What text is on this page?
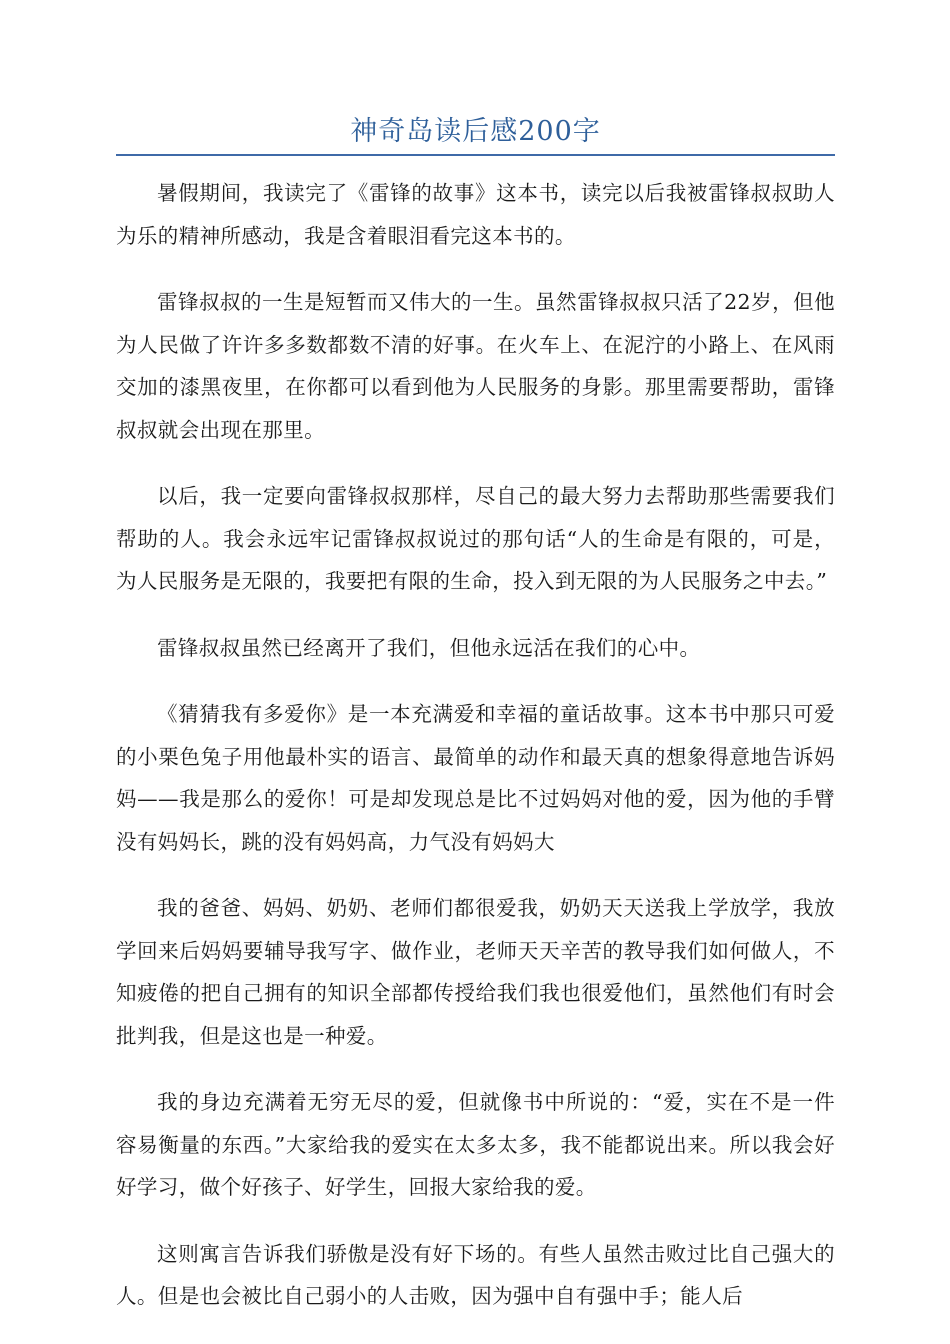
神奇岛读后感200字

暑假期间，我读完了《雷锋的故事》这本书，读完以后我被雷锋叔叔助人为乐的精神所感动，我是含着眼泪看完这本书的。

雷锋叔叔的一生是短暂而又伟大的一生。虽然雷锋叔叔只活了22岁，但他为人民做了许许多多数都数不清的好事。在火车上、在泥泞的小路上、在风雨交加的漆黑夜里，在你都可以看到他为人民服务的身影。那里需要帮助，雷锋叔叔就会出现在那里。

以后，我一定要向雷锋叔叔那样，尽自己的最大努力去帮助那些需要我们帮助的人。我会永远牢记雷锋叔叔说过的那句话“人的生命是有限的，可是，为人民服务是无限的，我要把有限的生命，投入到无限的为人民服务之中去。”

雷锋叔叔虽然已经离开了我们，但他永远活在我们的心中。

《猜猜我有多爱你》是一本充满爱和幸福的童话故事。这本书中那只可爱的小栗色兔子用他最朴实的语言、最简单的动作和最天真的想象得意地告诉妈妈——我是那么的爱你！可是却发现总是比不过妈妈对他的爱，因为他的手臂没有妈妈长，跳的没有妈妈高，力气没有妈妈大

我的爸爸、妈妈、奶奶、老师们都很爱我，奶奶天天送我上学放学，我放学回来后妈妈要辅导我写字、做作业，老师天天辛苦的教导我们如何做人，不知疲倦的把自己拥有的知识全部都传授给我们我也很爱他们，虽然他们有时会批判我，但是这也是一种爱。

我的身边充满着无穷无尽的爱，但就像书中所说的：“爱，实在不是一件容易衡量的东西。”大家给我的爱实在太多太多，我不能都说出来。所以我会好好学习，做个好孩子、好学生，回报大家给我的爱。

这则寓言告诉我们骄傲是没有好下场的。有些人虽然击败过比自己强大的人。但是也会被比自己弱小的人击败，因为强中自有强中手；能人后
